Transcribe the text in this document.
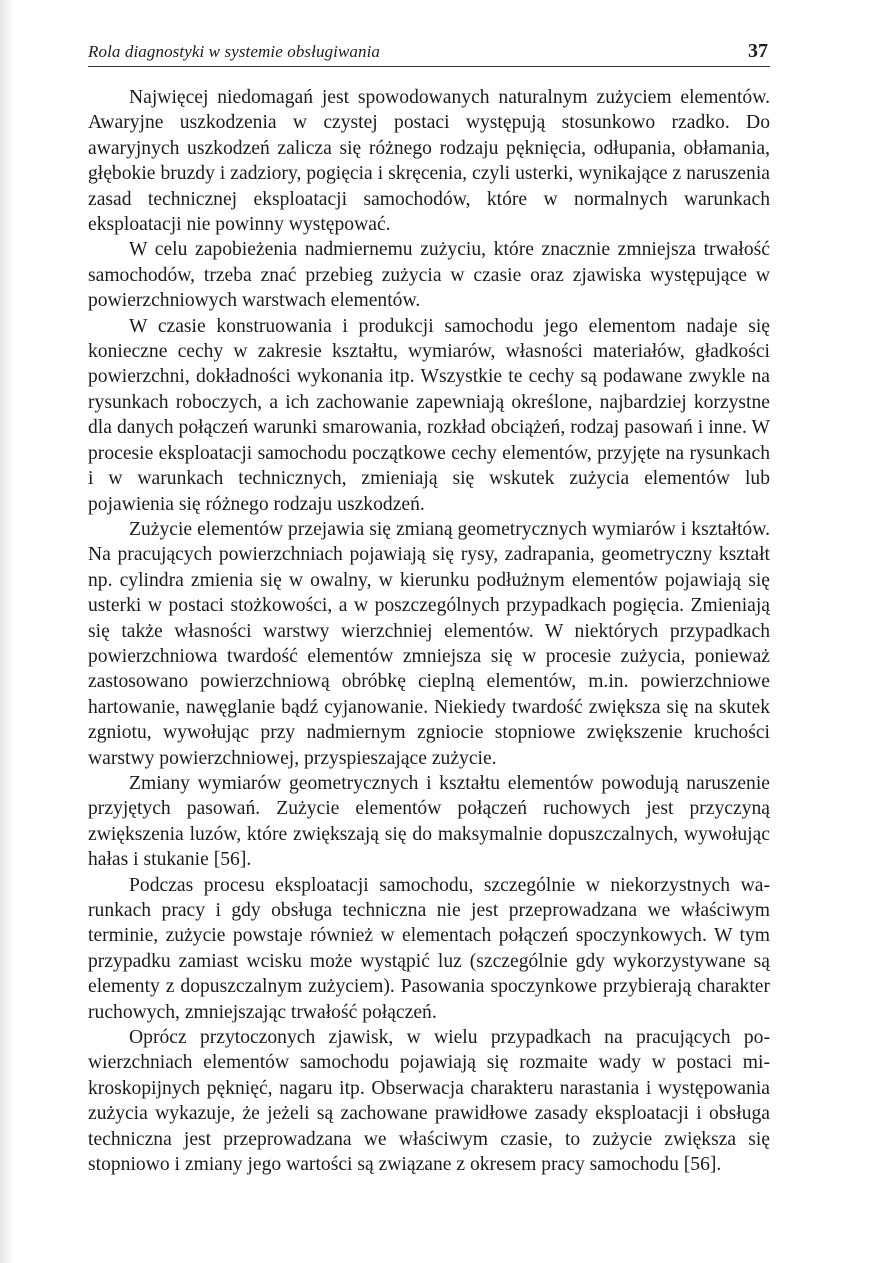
Rola diagnostyki w systemie obsługiwania	37

Najwięcej niedomagań jest spowodowanych naturalnym zużyciem elementów. Awaryjne uszkodzenia w czystej postaci występują stosunkowo rzadko. Do awaryjnych uszkodzeń zalicza się różnego rodzaju pęknięcia, odłupania, obłamania, głębokie bruzdy i zadziory, pogięcia i skręcenia, czyli usterki, wynikające z naruszenia zasad technicznej eksploatacji samochodów, które w normalnych warunkach eksploatacji nie powinny występować.

W celu zapobieżenia nadmiernemu zużyciu, które znacznie zmniejsza trwałość samochodów, trzeba znać przebieg zużycia w czasie oraz zjawiska występujące w powierzchniowych warstwach elementów.

W czasie konstruowania i produkcji samochodu jego elementom nadaje się konieczne cechy w zakresie kształtu, wymiarów, własności materiałów, gładkości powierzchni, dokładności wykonania itp. Wszystkie te cechy są podawane zwykle na rysunkach roboczych, a ich zachowanie zapewniają określone, najbardziej korzystne dla danych połączeń warunki smarowania, rozkład obciążeń, rodzaj pasowań i inne. W procesie eksploatacji samochodu początkowe cechy elementów, przyjęte na rysunkach i w warunkach technicznych, zmieniają się wskutek zużycia elementów lub pojawienia się różnego rodzaju uszkodzeń.

Zużycie elementów przejawia się zmianą geometrycznych wymiarów i kształtów. Na pracujących powierzchniach pojawiają się rysy, zadrapania, geometryczny kształt np. cylindra zmienia się w owalny, w kierunku podłużnym elementów pojawiają się usterki w postaci stożkowości, a w poszczególnych przypadkach pogięcia. Zmieniają się także własności warstwy wierzchniej elementów. W niektórych przypadkach powierzchniowa twardość elementów zmniejsza się w procesie zużycia, ponieważ zastosowano powierzchniową obróbkę cieplną elementów, m.in. powierzchniowe hartowanie, nawęglanie bądź cyjanowanie. Niekiedy twardość zwiększa się na skutek zgniotu, wywołując przy nadmiernym zgniocie stopniowe zwiększenie kruchości warstwy powierzchniowej, przyspieszające zużycie.

Zmiany wymiarów geometrycznych i kształtu elementów powodują naruszenie przyjętych pasowań. Zużycie elementów połączeń ruchowych jest przyczyną zwiększenia luzów, które zwiększają się do maksymalnie dopuszczalnych, wywołując hałas i stukanie [56].

Podczas procesu eksploatacji samochodu, szczególnie w niekorzystnych warunkach pracy i gdy obsługa techniczna nie jest przeprowadzana we właściwym terminie, zużycie powstaje również w elementach połączeń spoczynkowych. W tym przypadku zamiast wcisku może wystąpić luz (szczególnie gdy wykorzystywane są elementy z dopuszczalnym zużyciem). Pasowania spoczynkowe przybierają charakter ruchowych, zmniejszając trwałość połączeń.

Oprócz przytoczonych zjawisk, w wielu przypadkach na pracujących powierzchniach elementów samochodu pojawiają się rozmaite wady w postaci mikroskopijnych pęknięć, nagaru itp. Obserwacja charakteru narastania i występowania zużycia wykazuje, że jeżeli są zachowane prawidłowe zasady eksploatacji i obsługa techniczna jest przeprowadzana we właściwym czasie, to zużycie zwiększa się stopniowo i zmiany jego wartości są związane z okresem pracy samochodu [56].
